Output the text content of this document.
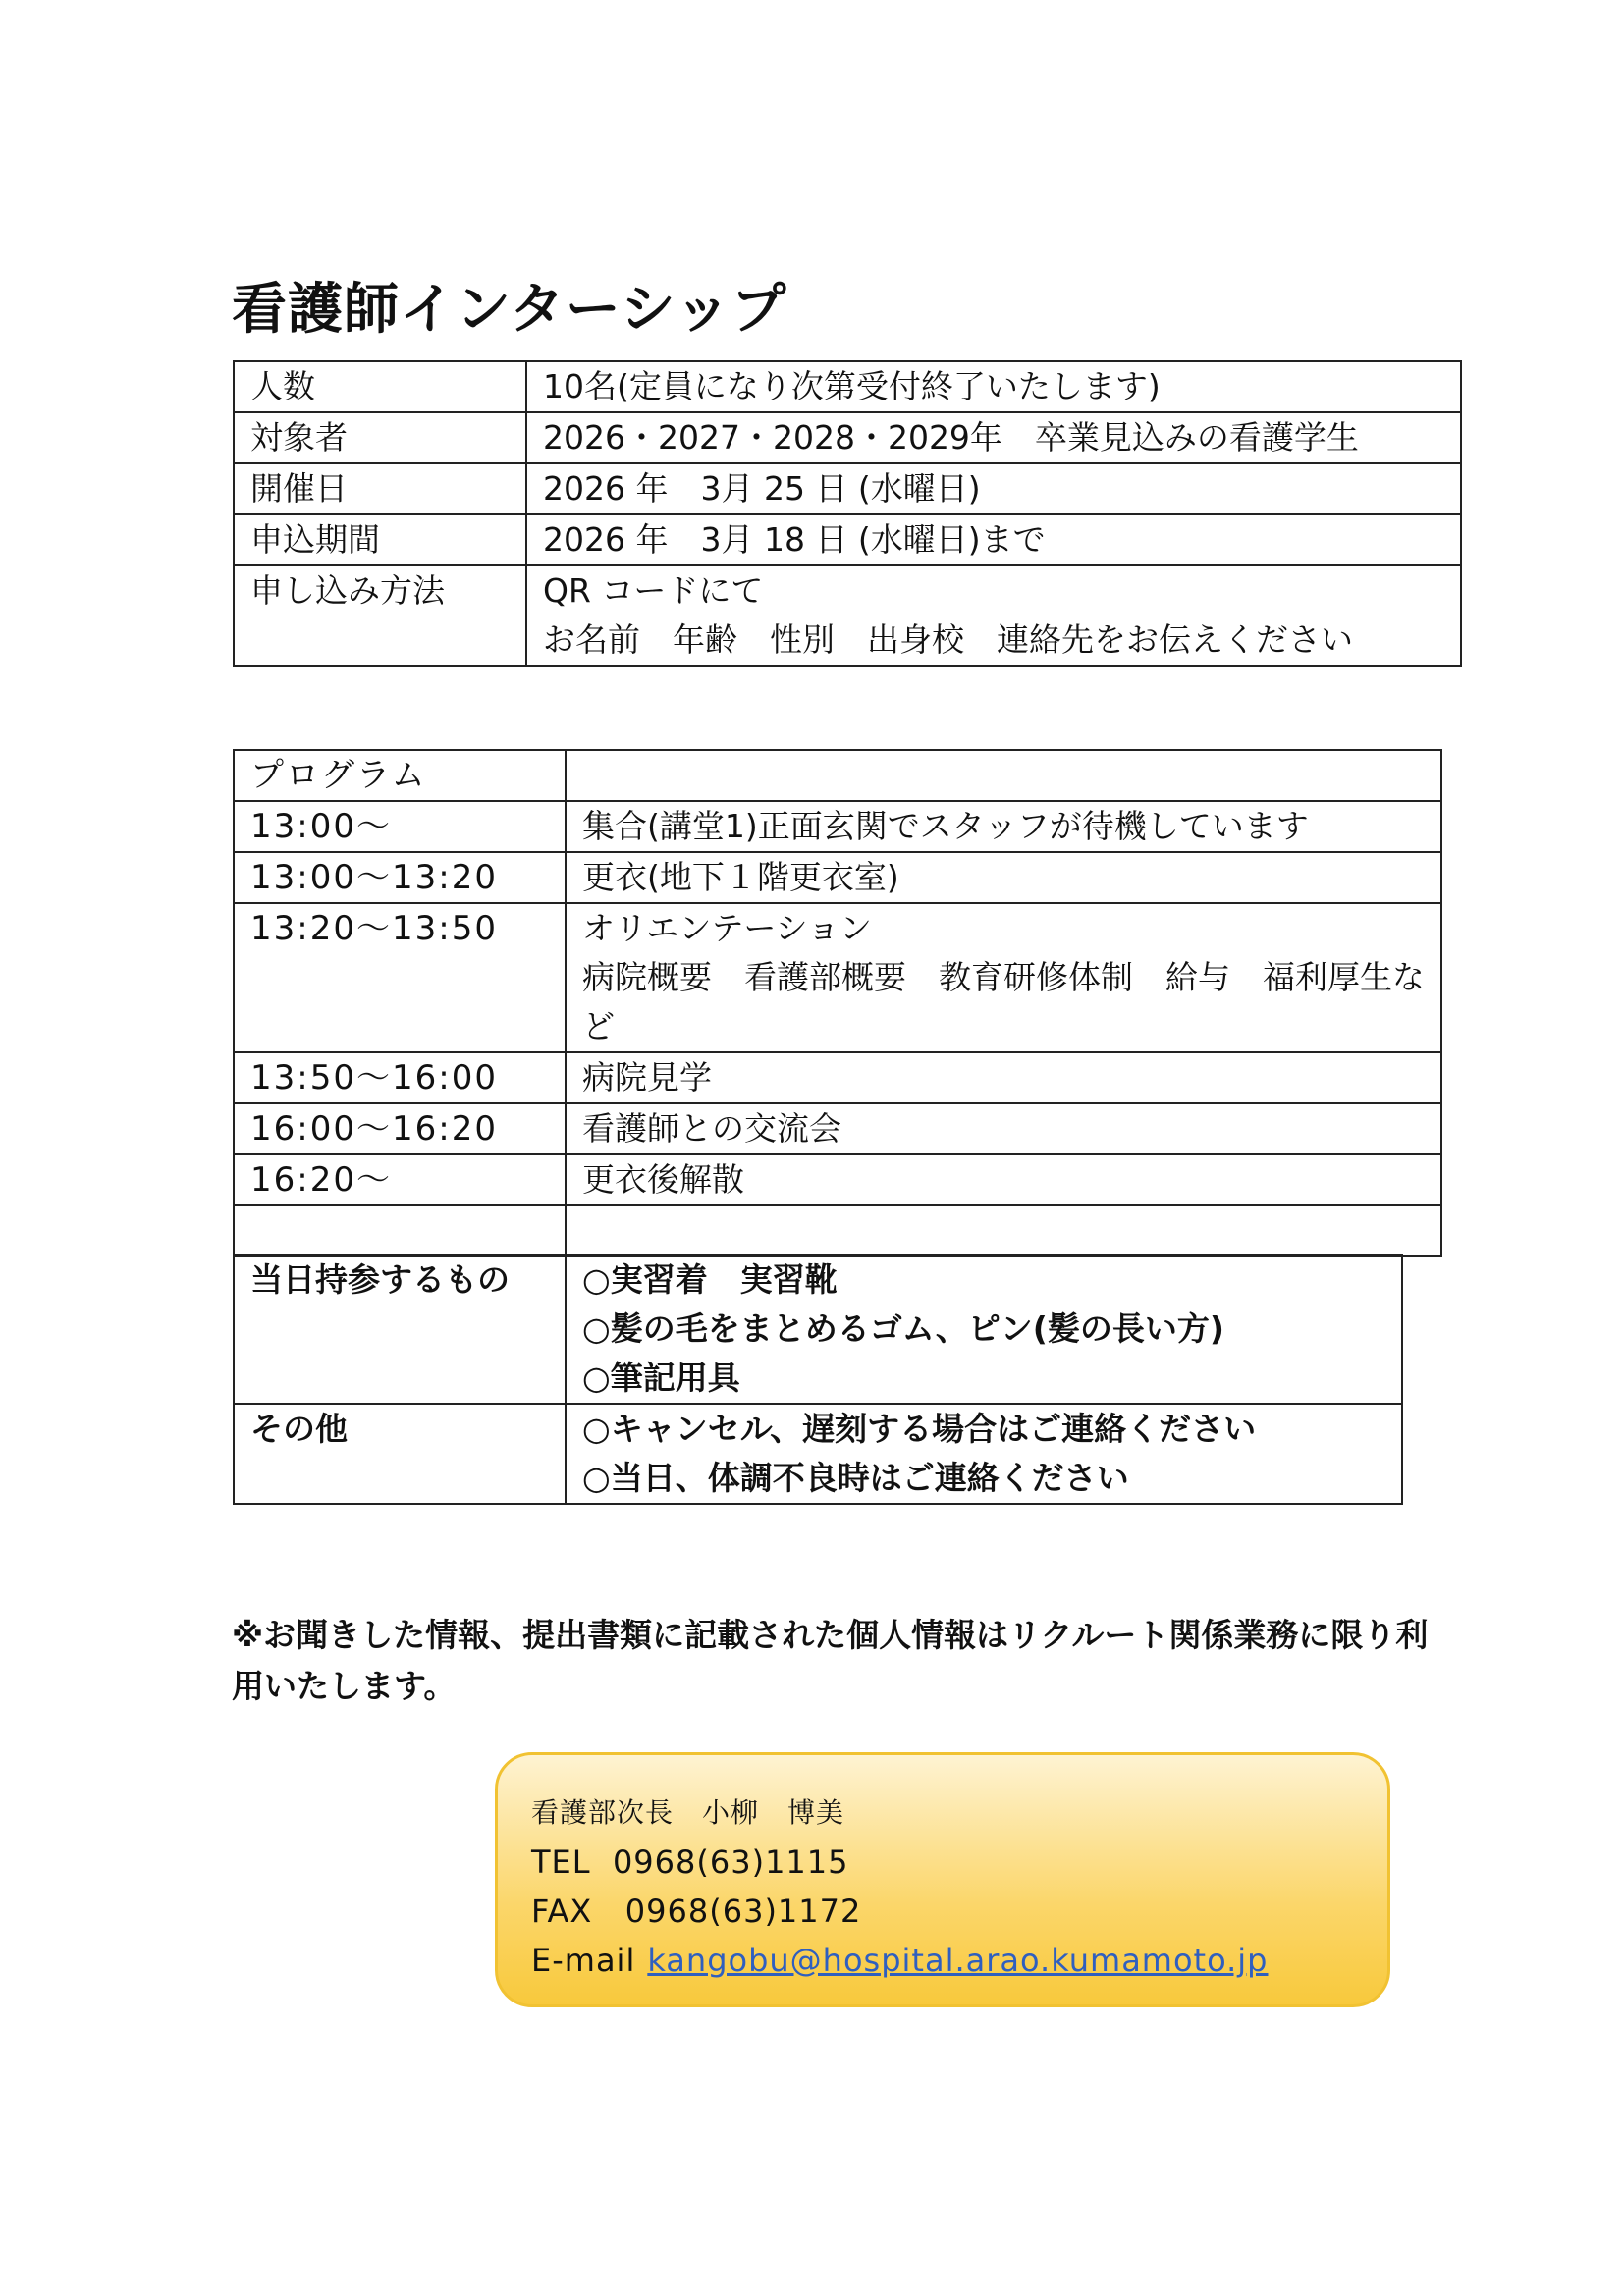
看護師インターシップ
人数	10名(定員になり次第受付終了いたします)

対象者	2026・2027・2028・2029年　卒業見込みの看護学生

開催日	2026 年　3月 25 日 (水曜日)

申込期間	2026 年　3月 18 日 (水曜日)まで

申し込み方法	QR コードにて
お名前　年齢　性別　出身校　連絡先をお伝えください
プログラム	

13:00〜	集合(講堂1)正面玄関でスタッフが待機しています

13:00〜13:20	更衣(地下１階更衣室)

13:20〜13:50	オリエンテーション
病院概要　看護部概要　教育研修体制　給与　福利厚生など

13:50〜16:00	病院見学

16:00〜16:20	看護師との交流会

16:20〜	更衣後解散

当日持参するもの	○実習着　実習靴
○髪の毛をまとめるゴム、ピン(髪の長い方)
○筆記用具

その他	○キャンセル、遅刻する場合はご連絡ください
○当日、体調不良時はご連絡ください
※お聞きした情報、提出書類に記載された個人情報はリクルート関係業務に限り利用いたします。
看護部次長　小柳　博美
TEL 0968(63)1115
FAX 0968(63)1172
E-mail kangobu@hospital.arao.kumamoto.jp
